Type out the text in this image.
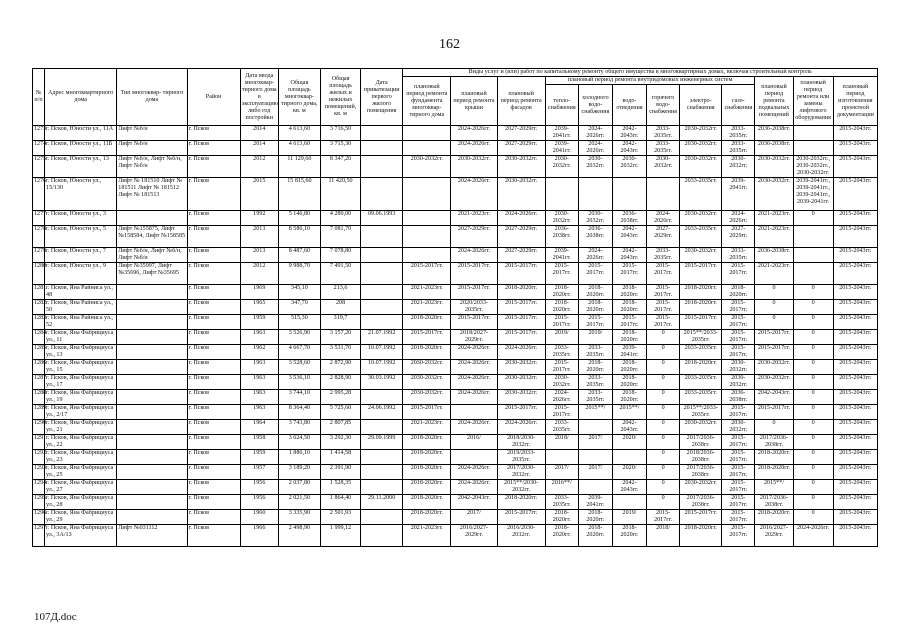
162
№ п/п	Адрес многоквартирного дома	Тип многоквар- тирного дома	Район	Дата ввода многоквар- тирного дома в эксплуатацию либо год постройки	Общая площадь многоквар- тирного дома, кв. м	Общая площадь жилых и нежилых помещений, кв. м	Дата приватизации первого жилого помещения	Виды услуг и (или) работ по капитальному ремонту общего имущества в многоквартирных домах, включая строительный контроль											
								плановый период ремонта фундамента многоквар- тирного дома	плановый период ремонта крыши	плановый период ремонта фасадов	плановый период ремонта внутридомовых инженерных систем						плановый период ремонта подвальных помещений	плановый период ремонта или замены лифтового оборудования	плановый период изготовления проектной документации
											тепло- снабжения	холодного водо- снабжения	водо- отведения	горячего водо- снабжения	электро- снабжения	газо- снабжения			
1273	г. Псков, Юности ул., 11А	Лифт №б/н	г. Псков	2014	4 613,60	3 716,50			2024-2026гг.	2027-2029гг.	2039-2041гг.	2024-2026гг.	2042-2043гг.	2033-2035гг.	2030-2032гг.	2033-2035гг.	2036-2038гг.		2015-2043гг.
1274	г. Псков, Юности ул., 11Б	Лифт №б/н	г. Псков	2014	4 613,60	3 715,30			2024-2026гг.	2027-2029гг.	2039-2041гг.	2024-2026гг.	2042-2043гг.	2033-2035гг.	2030-2032гг.	2033-2035гг.	2036-2038гг.		2015-2043гг.
1275	г. Псков, Юности ул., 13	Лифт №б/н, Лифт №б/н, Лифт №б/н	г. Псков	2012	11 129,60	8 347,20		2030-2032гг.	2030-2032гг.	2030-2032гг.	2030-2032гг.	2030-2032гг.	2030-2032гг.	2030-2032гг.	2030-2032гг.	2030-2032гг.	2030-2032гг.	2030-2032гг., 2030-2032гг., 2030-2032гг.	2015-2043гг.
1276	г. Псков, Юности ул., 15/130	Лифт № 181510 Лифт № 181511 Лифт № 181512 Лифт № 181513	г. Псков	2015	15 815,60	11 420,50			2024-2026гг.	2030-2032гг.					2033-2035гг.	2039-2041гг.	2030-2032гг.	2039-2041гг., 2039-2041гг., 2039-2041гг., 2039-2041гг.	2015-2043гг.
1277	г. Псков, Юности ул., 3		г. Псков	1992	5 146,80	4 289,00	09.06.1993		2021-2023гг.	2024-2026гг.	2030-2032гг.	2030-2032гг.	2036-2038гг.	2024-2026гг.	2030-2032гг.	2024-2026гг.	2021-2023гг.	0	2015-2043гг.
1278	г. Псков, Юности ул., 5	Лифт №155875, Лифт №158584, Лифт №158585	г. Псков	2013	8 586,10	7 081,70			2027-2029гг.	2027-2029гг.	2036-2038гг.	2036-2038гг.	2042-2043гг.	2027-2029гг.	2033-2035гг.	2027-2029гг.	2021-2023гг.		2015-2043гг.
1279	г. Псков, Юности ул., 7	Лифт №б/н, Лифт №б/н, Лифт №б/н	г. Псков	2013	8 487,60	7 078,80			2024-2026гг.	2027-2029гг.	2039-2041гг.	2024-2026гг.	2042-2043гг.	2033-2035гг.	2030-2032гг.	2033-2035гг.	2036-2038гг.		2015-2043гг.
1280	г. Псков, Юности ул., 9	Лифт №35997, Лифт №35696, Лифт №35695	г. Псков	2012	9 988,70	7 491,50		2015-2017гг.	2015-2017гг.	2015-2017гг.	2015-2017гг.	2015-2017гг.	2015-2017гг.	2015-2017гг.	2015-2017гг.	2015-2017гг.	2021-2023гг.		2015-2043гг.
1281	г. Псков, Яна Райниса ул., 48		г. Псков	1969	345,10	213,6		2021-2023гг.	2015-2017гг.	2018-2020гг.	2018-2020гг.	2018-2020гг.	2018-2020гг.	2015-2017гг.	2018-2020гг.	2018-2020гг.	0	0	2015-2043гг.
1282	г. Псков, Яна Райниса ул., 50		г. Псков	1965	347,70	208		2021-2023гг.	2020/2033-2035гг.	2015-2017гг.	2018-2020гг.	2018-2020гг.	2018-2020гг.	2015-2017гг.	2018-2020гг.	2015-2017гг.	0	0	2015-2043гг.
1283	г. Псков, Яна Райниса ул., 52		г. Псков	1959	515,30	319,7		2018-2020гг.	2015-2017гг.	2015-2017гг.	2015-2017гг.	2015-2017гг.	2015-2017гг.	2015-2017гг.	2015-2017гг.	2015-2017гг.	0	0	2015-2043гг.
1284	г. Псков, Яна Фабрициуса ул., 11		г. Псков	1963	3 526,90	3 157,20	21.07.1992	2015-2017гг.	2018/2027-2029гг.	2015-2017гг.	2019/	2019/	2018-2020гг.	0	2015**/2033-2035гг.	2015-2017гг.	2015-2017гг.	0	2015-2043гг.
1285	г. Псков, Яна Фабрициуса ул., 13		г. Псков	1962	4 667,70	3 531,70	10.07.1992	2018-2020гг.	2024-2026гг.	2024-2026гг.	2033-2035гг.	2033-2035гг.	2039-2041гг.	0	2033-2035гг.	2015-2017гг.	2015-2017гг.	0	2015-2043гг.
1286	г. Псков, Яна Фабрициуса ул., 15		г. Псков	1963	3 528,60	2 872,90	10.07.1992	2030-2032гг.	2024-2026гг.	2030-2032гг.	2015-2017гг.	2018-2020гг.	2018-2020гг.	0	2018-2020гг.	2030-2032гг.	2030-2032гг.	0	2015-2043гг.
1287	г. Псков, Яна Фабрициуса ул., 17		г. Псков	1963	3 536,10	2 828,90	30.03.1992	2030-2032гг.	2024-2026гг.	2030-2032гг.	2030-2032гг.	2033-2035гг.	2018-2020гг.	0	2033-2035гг.	2030-2032гг.	2030-2032гг.	0	2015-2043гг.
1288	г. Псков, Яна Фабрициуса ул., 19		г. Псков	1963	3 744,10	2 995,28		2030-2032гг.	2024-2026гг.	2030-2032гг.	2024-2026гг.	2033-2035гг.	2018-2020гг.	0	2033-2035гг.	2036-2038гг.	2042-2043гг.	0	2015-2043гг.
1289	г. Псков, Яна Фабрициуса ул., 2/17		г. Псков	1963	8 364,40	5 725,60	24.06.1992	2015-2017гг.		2015-2017гг.	2015-2017гг.	2015**/	2015**/	0	2015**/2033-2035гг.	2015-2017гг.	2015-2017гг.	0	2015-2043гг.
1290	г. Псков, Яна Фабрициуса ул., 21		г. Псков	1964	3 743,80	2 807,85		2021-2023гг.	2024-2026гг.	2024-2026гг.	2033-2035гг.		2042-2043гг.	0	2030-2032гг.	2030-2032гг.	0	0	2015-2043гг.
1291	г. Псков, Яна Фабрициуса ул., 22		г. Псков	1958	3 624,50	3 292,30	29.09.1999	2018-2020гг.	2016/	2018/2030-2032гг.	2018/	2017/	2020/	0	2017/2036-2038гг.	2015-2017гг.	2017/2036-2038гг.	0	2015-2043гг.
1292	г. Псков, Яна Фабрициуса ул., 23		г. Псков	1959	1 886,10	1 414,58		2018-2020гг.		2019/2033-2035гг.				0	2018/2036-2038гг.	2015-2017гг.	2018-2020гг.	0	2015-2043гг.
1293	г. Псков, Яна Фабрициуса ул., 25		г. Псков	1957	3 189,20	2 391,90		2018-2020гг.	2024-2026гг.	2017/2030-2032гг.	2017/	2017/	2020/	0	2017/2036-2038гг.	2015-2017гг.	2018-2020гг.	0	2015-2043гг.
1294	г. Псков, Яна Фабрициуса ул., 27		г. Псков	1956	2 037,80	1 528,35		2018-2020гг.	2024-2026гг.	2015**/2030-2032гг.	2016**/		2042-2043гг.	0	2030-2032гг.	2015-2017гг.	2015**/	0	2015-2043гг.
1295	г. Псков, Яна Фабрициуса ул., 28		г. Псков	1956	2 021,50	1 864,40	29.11.2000	2018-2020гг.	2042-2043гг.	2018-2020гг.	2033-2035гг.	2039-2041гг.		0	2017/2036-2038гг.	2015-2017гг.	2017/2036-2038гг.	0	2015-2043гг.
1296	г. Псков, Яна Фабрициуса ул., 29		г. Псков	1960	3 335,90	2 501,93		2018-2020гг.	2017/	2015-2017гг.	2018-2020гг.	2018-2020гг.	2019/	2015-2017гг.	2015-2017гг.	2015-2017гг.	2018-2020гг.	0	2015-2043гг.
1297	г. Псков, Яна Фабрициуса ул., 3А/13	Лифт №031112	г. Псков	1966	2 498,90	1 999,12		2021-2023гг.	2016/2027-2029гг.	2016/2030-2032гг.	2018-2020гг.	2018-2020гг.	2018-2020гг.	2018/	2018-2020гг.	2015-2017гг.	2016/2027-2029гг.	2024-2026гг.	2015-2043гг.
107Д.doc
